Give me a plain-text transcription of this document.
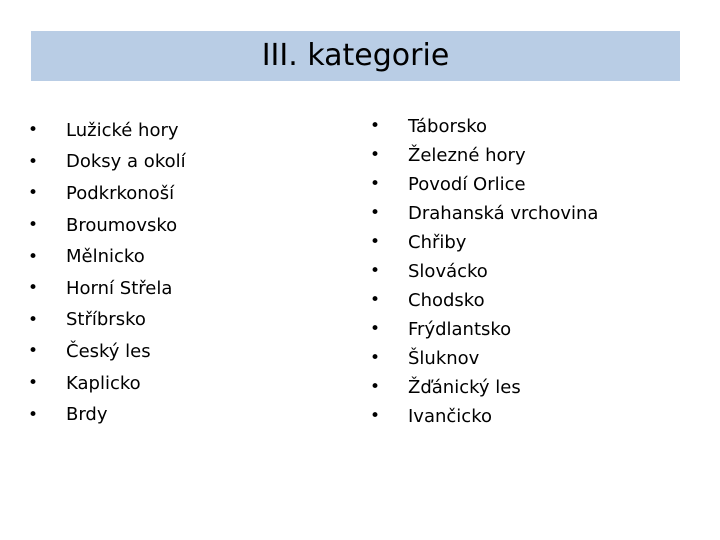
III. kategorie
• Lužické hory
• Doksy a okolí
• Podkrkonoší
• Broumovsko
• Mělnicko
• Horní Střela
• Stříbrsko
• Český les
• Kaplicko
• Brdy
• Táborsko
• Železné hory
• Povodí Orlice
• Drahanská vrchovina
• Chřiby
• Slovácko
• Chodsko
• Frýdlantsko
• Šluknov
• Žďánický les
• Ivančicko
